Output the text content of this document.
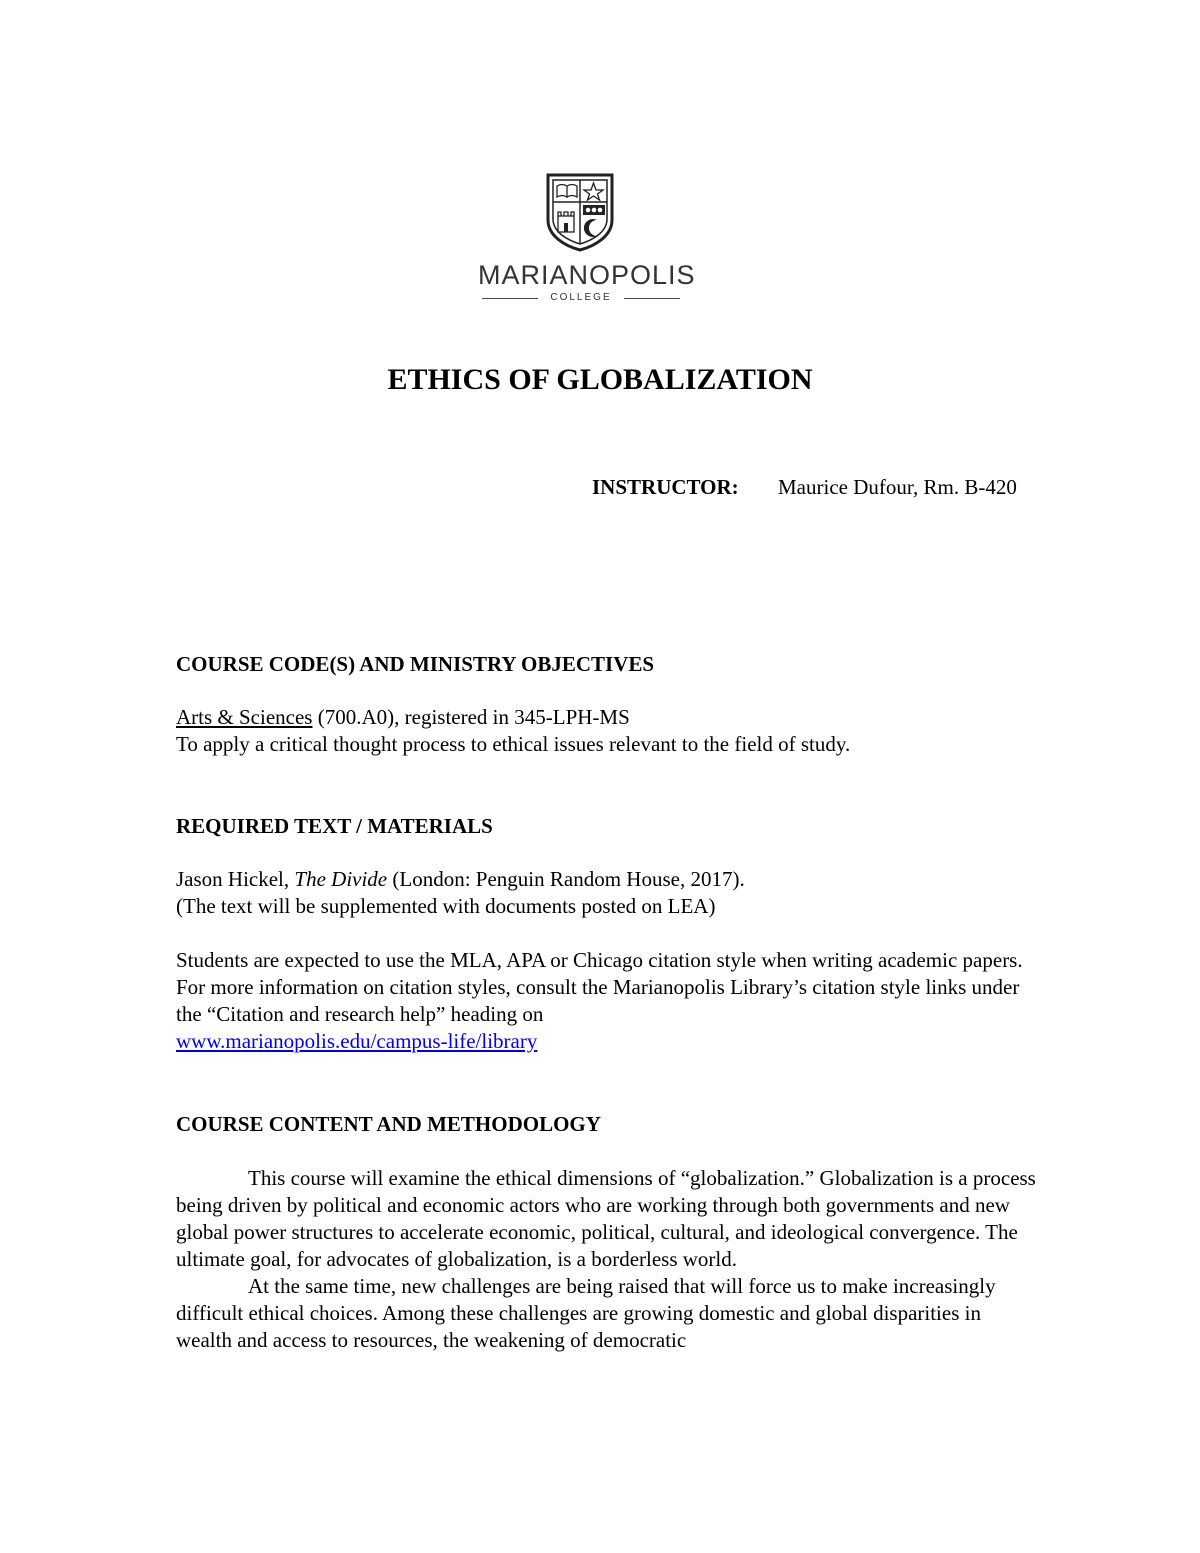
MARIANOPOLIS
COLLEGE
ETHICS OF GLOBALIZATION
INSTRUCTOR: Maurice Dufour, Rm. B-420

COURSE CODE(S) AND MINISTRY OBJECTIVES

Arts & Sciences (700.A0), registered in 345-LPH-MS

To apply a critical thought process to ethical issues relevant to the field of study.

REQUIRED TEXT / MATERIALS

Jason Hickel, The Divide (London: Penguin Random House, 2017).

(The text will be supplemented with documents posted on LEA)

Students are expected to use the MLA, APA or Chicago citation style when writing academic papers. For more information on citation styles, consult the Marianopolis Library’s citation style links under the “Citation and research help” heading on
www.marianopolis.edu/campus-life/library

COURSE CONTENT AND METHODOLOGY

This course will examine the ethical dimensions of “globalization.” Globalization is a process being driven by political and economic actors who are working through both governments and new global power structures to accelerate economic, political, cultural, and ideological convergence. The ultimate goal, for advocates of globalization, is a borderless world.

At the same time, new challenges are being raised that will force us to make increasingly difficult ethical choices. Among these challenges are growing domestic and global disparities in wealth and access to resources, the weakening of democratic
